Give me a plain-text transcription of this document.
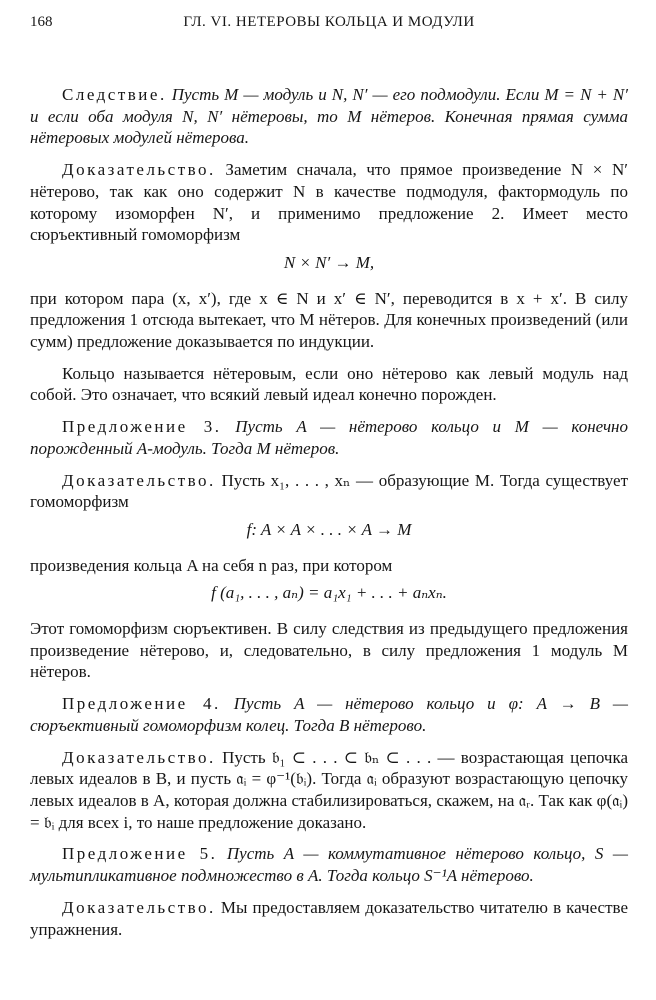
168	ГЛ. VI. НЕТЕРОВЫ КОЛЬЦА И МОДУЛИ

Следствие. Пусть M — модуль и N, N′ — его подмодули. Если M = N + N′ и если оба модуля N, N′ нётеровы, то M нётеров. Конечная прямая сумма нётеровых модулей нётерова.

Доказательство. Заметим сначала, что прямое произведение N × N′ нётерово, так как оно содержит N в качестве подмодуля, фактормодуль по которому изоморфен N′, и применимо предложение 2. Имеет место сюръективный гомоморфизм

N × N′ → M,

при котором пара (x, x′), где x ∈ N и x′ ∈ N′, переводится в x + x′. В силу предложения 1 отсюда вытекает, что M нётеров. Для конечных произведений (или сумм) предложение доказывается по индукции.

Кольцо называется нётеровым, если оно нётерово как левый модуль над собой. Это означает, что всякий левый идеал конечно порожден.

Предложение 3. Пусть A — нётерово кольцо и M — конечно порожденный A-модуль. Тогда M нётеров.

Доказательство. Пусть x₁, . . . , xₙ — образующие M. Тогда существует гомоморфизм

f: A × A × . . . × A → M

произведения кольца A на себя n раз, при котором

f (a₁, . . . , aₙ) = a₁x₁ + . . . + aₙxₙ.

Этот гомоморфизм сюръективен. В силу следствия из предыдущего предложения произведение нётерово, и, следовательно, в силу предложения 1 модуль M нётеров.

Предложение 4. Пусть A — нётерово кольцо и φ: A → B — сюръективный гомоморфизм колец. Тогда B нётерово.

Доказательство. Пусть 𝔟₁ ⊂ . . . ⊂ 𝔟ₙ ⊂ . . . — возрастающая цепочка левых идеалов в B, и пусть 𝔞ᵢ = φ⁻¹(𝔟ᵢ). Тогда 𝔞ᵢ образуют возрастающую цепочку левых идеалов в A, которая должна стабилизироваться, скажем, на 𝔞ᵣ. Так как φ(𝔞ᵢ) = 𝔟ᵢ для всех i, то наше предложение доказано.

Предложение 5. Пусть A — коммутативное нётерово кольцо, S — мультипликативное подмножество в A. Тогда кольцо S⁻¹A нётерово.

Доказательство. Мы предоставляем доказательство читателю в качестве упражнения.
